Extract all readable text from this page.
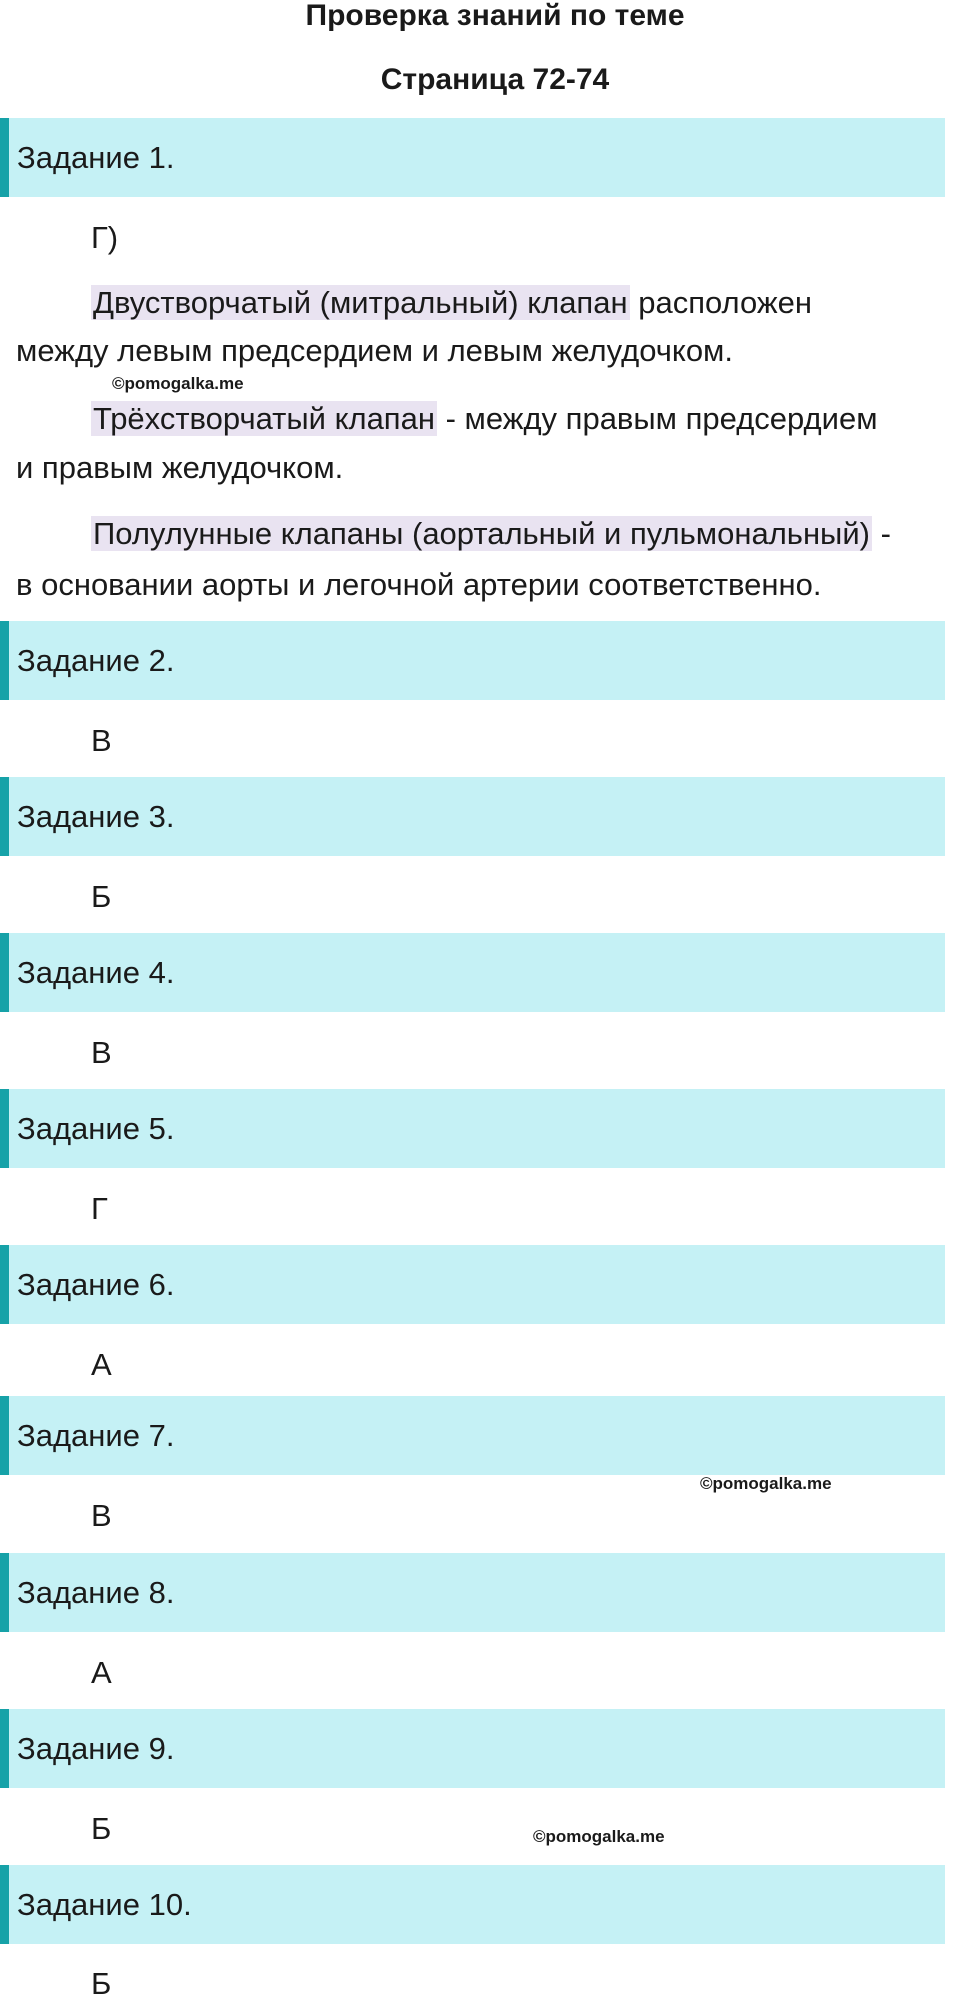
Проверка знаний по теме
Страница 72-74
Задание 1.
Г)
Двустворчатый (митральный) клапан расположен
между левым предсердием и левым желудочком.
©pomogalka.me
Трёхстворчатый клапан - между правым предсердием
и правым желудочком.
Полулунные клапаны (аортальный и пульмональный) -
в основании аорты и легочной артерии соответственно.
Задание 2.
В
Задание 3.
Б
Задание 4.
В
Задание 5.
Г
Задание 6.
А
Задание 7.
©pomogalka.me
В
Задание 8.
А
Задание 9.
Б	©pomogalka.me
Задание 10.
Б
